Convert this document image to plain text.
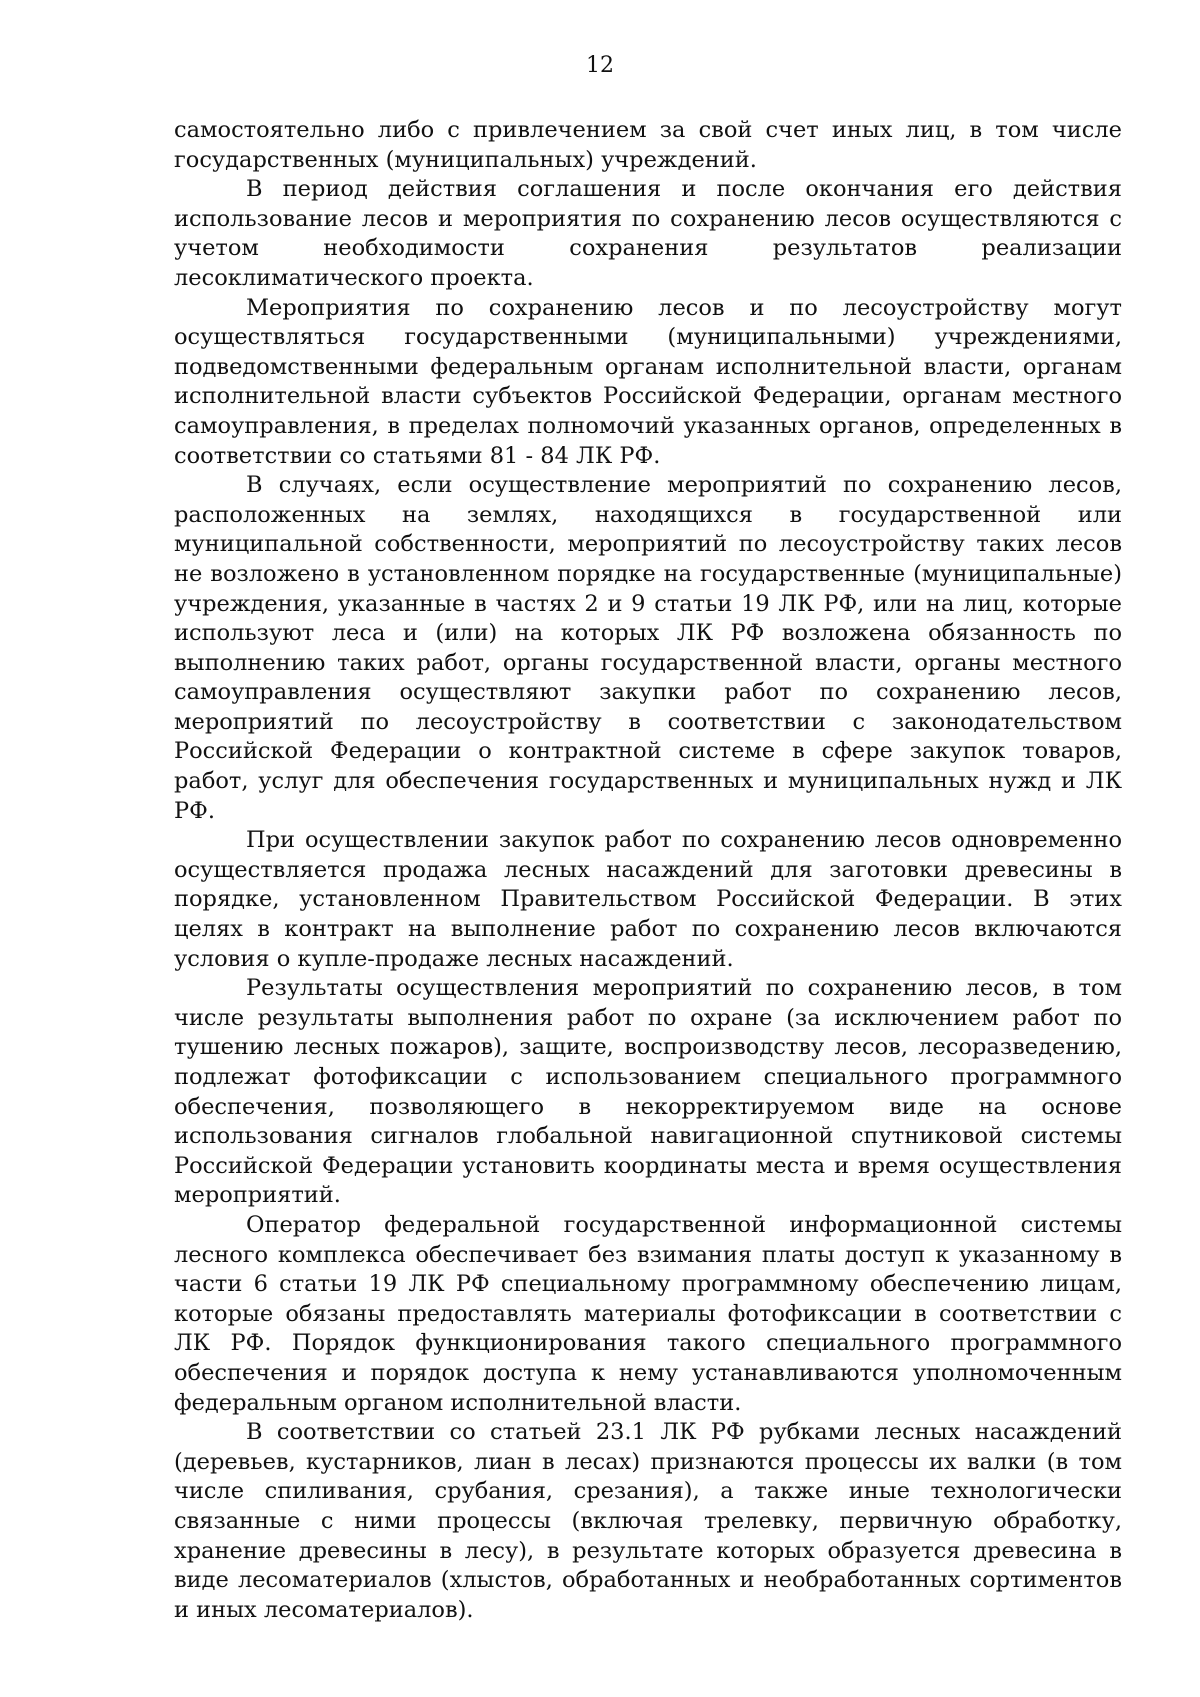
12

самостоятельно либо с привлечением за свой счет иных лиц, в том числе государственных (муниципальных) учреждений.

В период действия соглашения и после окончания его действия использование лесов и мероприятия по сохранению лесов осуществляются с учетом необходимости сохранения результатов реализации лесоклиматического проекта.

Мероприятия по сохранению лесов и по лесоустройству могут осуществляться государственными (муниципальными) учреждениями, подведомственными федеральным органам исполнительной власти, органам исполнительной власти субъектов Российской Федерации, органам местного самоуправления, в пределах полномочий указанных органов, определенных в соответствии со статьями 81 - 84 ЛК РФ.

В случаях, если осуществление мероприятий по сохранению лесов, расположенных на землях, находящихся в государственной или муниципальной собственности, мероприятий по лесоустройству таких лесов не возложено в установленном порядке на государственные (муниципальные) учреждения, указанные в частях 2 и 9 статьи 19 ЛК РФ, или на лиц, которые используют леса и (или) на которых ЛК РФ возложена обязанность по выполнению таких работ, органы государственной власти, органы местного самоуправления осуществляют закупки работ по сохранению лесов, мероприятий по лесоустройству в соответствии с законодательством Российской Федерации о контрактной системе в сфере закупок товаров, работ, услуг для обеспечения государственных и муниципальных нужд и ЛК РФ.

При осуществлении закупок работ по сохранению лесов одновременно осуществляется продажа лесных насаждений для заготовки древесины в порядке, установленном Правительством Российской Федерации. В этих целях в контракт на выполнение работ по сохранению лесов включаются условия о купле-продаже лесных насаждений.

Результаты осуществления мероприятий по сохранению лесов, в том числе результаты выполнения работ по охране (за исключением работ по тушению лесных пожаров), защите, воспроизводству лесов, лесоразведению, подлежат фотофиксации с использованием специального программного обеспечения, позволяющего в некорректируемом виде на основе использования сигналов глобальной навигационной спутниковой системы Российской Федерации установить координаты места и время осуществления мероприятий.

Оператор федеральной государственной информационной системы лесного комплекса обеспечивает без взимания платы доступ к указанному в части 6 статьи 19 ЛК РФ специальному программному обеспечению лицам, которые обязаны предоставлять материалы фотофиксации в соответствии с ЛК РФ. Порядок функционирования такого специального программного обеспечения и порядок доступа к нему устанавливаются уполномоченным федеральным органом исполнительной власти.

В соответствии со статьей 23.1 ЛК РФ рубками лесных насаждений (деревьев, кустарников, лиан в лесах) признаются процессы их валки (в том числе спиливания, срубания, срезания), а также иные технологически связанные с ними процессы (включая трелевку, первичную обработку, хранение древесины в лесу), в результате которых образуется древесина в виде лесоматериалов (хлыстов, обработанных и необработанных сортиментов и иных лесоматериалов).
